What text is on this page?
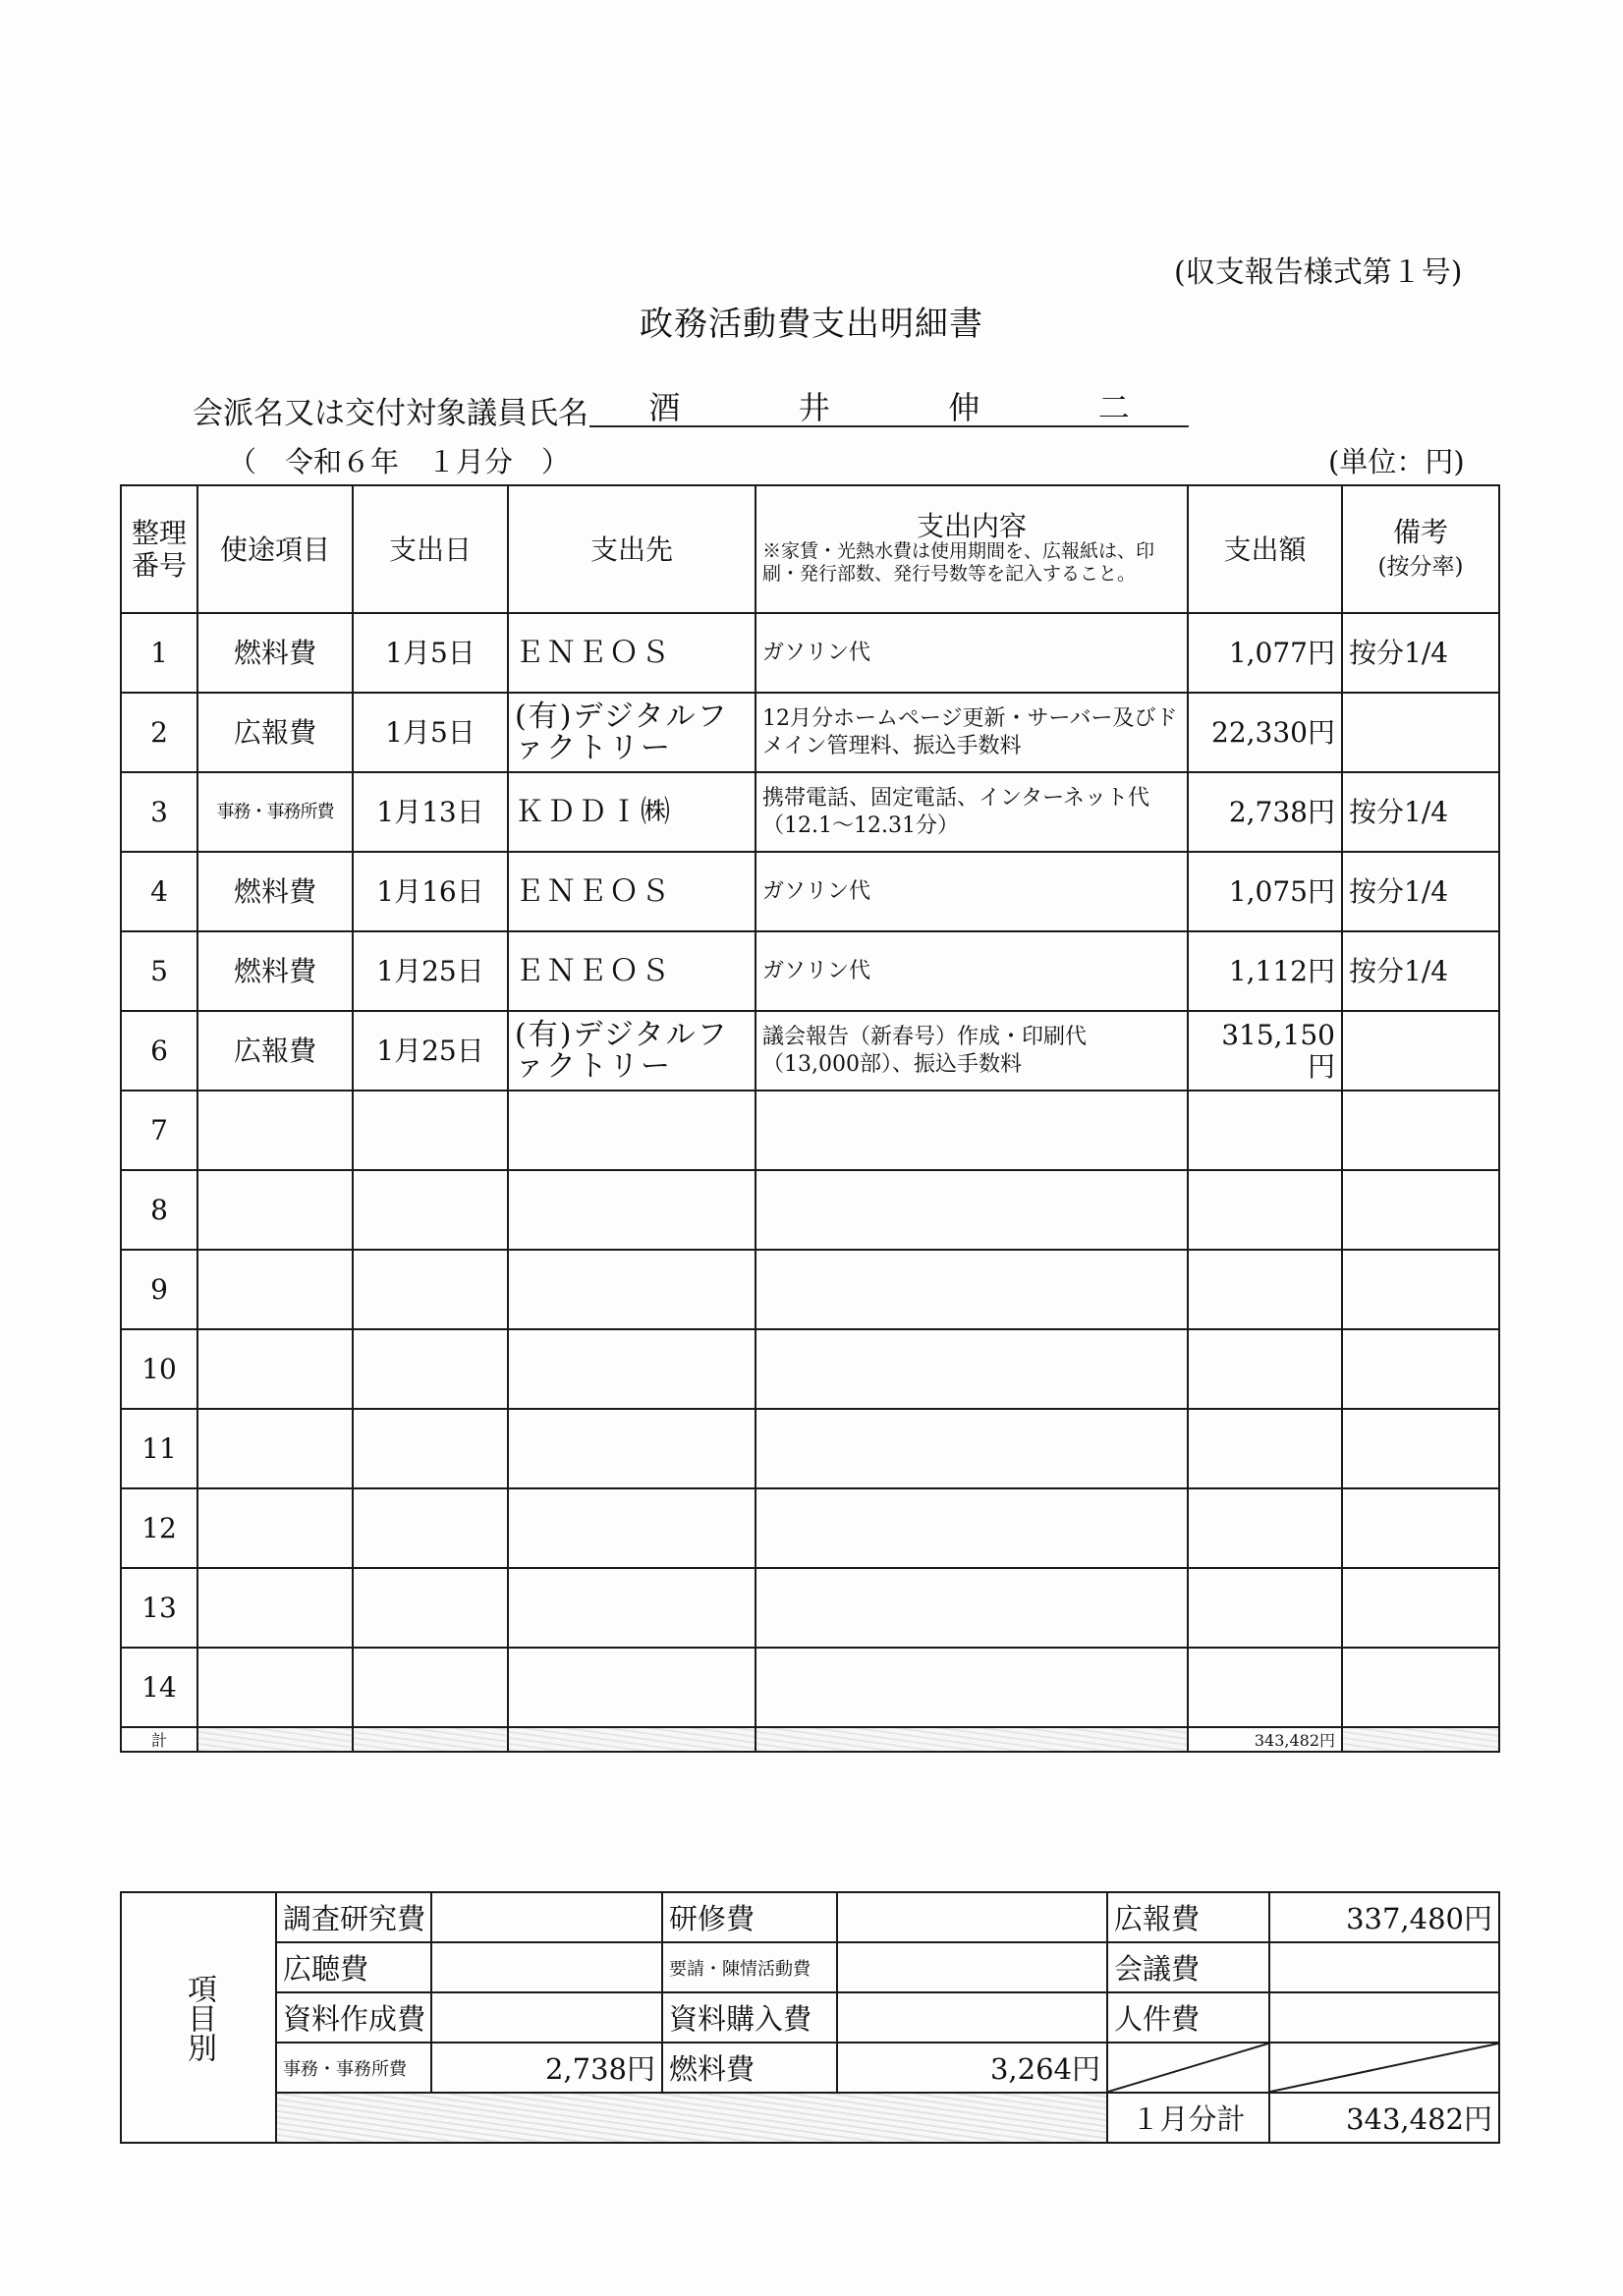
(収支報告様式第１号)
政務活動費支出明細書
会派名又は交付対象議員氏名 酒	井	伸	二
（　令和６年　１月分　）	(単位：円)
整理番号	使途項目	支出日	支出先	支出内容
※家賃・光熱水費は使用期間を、広報紙は、印刷・発行部数、発行号数等を記入すること。	支出額	備考
(按分率)
1	燃料費	1月5日	ＥＮＥＯＳ	ガソリン代	1,077円	按分1/4
2	広報費	1月5日	(有)デジタルファクトリー	12月分ホームページ更新・サーバー及びドメイン管理料、振込手数料	22,330円	
3	事務・事務所費	1月13日	ＫＤＤＩ㈱	携帯電話、固定電話、インターネット代（12.1～12.31分）	2,738円	按分1/4
4	燃料費	1月16日	ＥＮＥＯＳ	ガソリン代	1,075円	按分1/4
5	燃料費	1月25日	ＥＮＥＯＳ	ガソリン代	1,112円	按分1/4
6	広報費	1月25日	(有)デジタルファクトリー	議会報告（新春号）作成・印刷代（13,000部）、振込手数料	315,150円	
7						
8						
9						
10						
11						
12						
13						
14						
計					343,482円	
項目別	調査研究費		研修費		広報費	337,480円
	広聴費		要請・陳情活動費		会議費	
	資料作成費		資料購入費		人件費	
	事務・事務所費	2,738円	燃料費	3,264円	

					１月分計	343,482円
